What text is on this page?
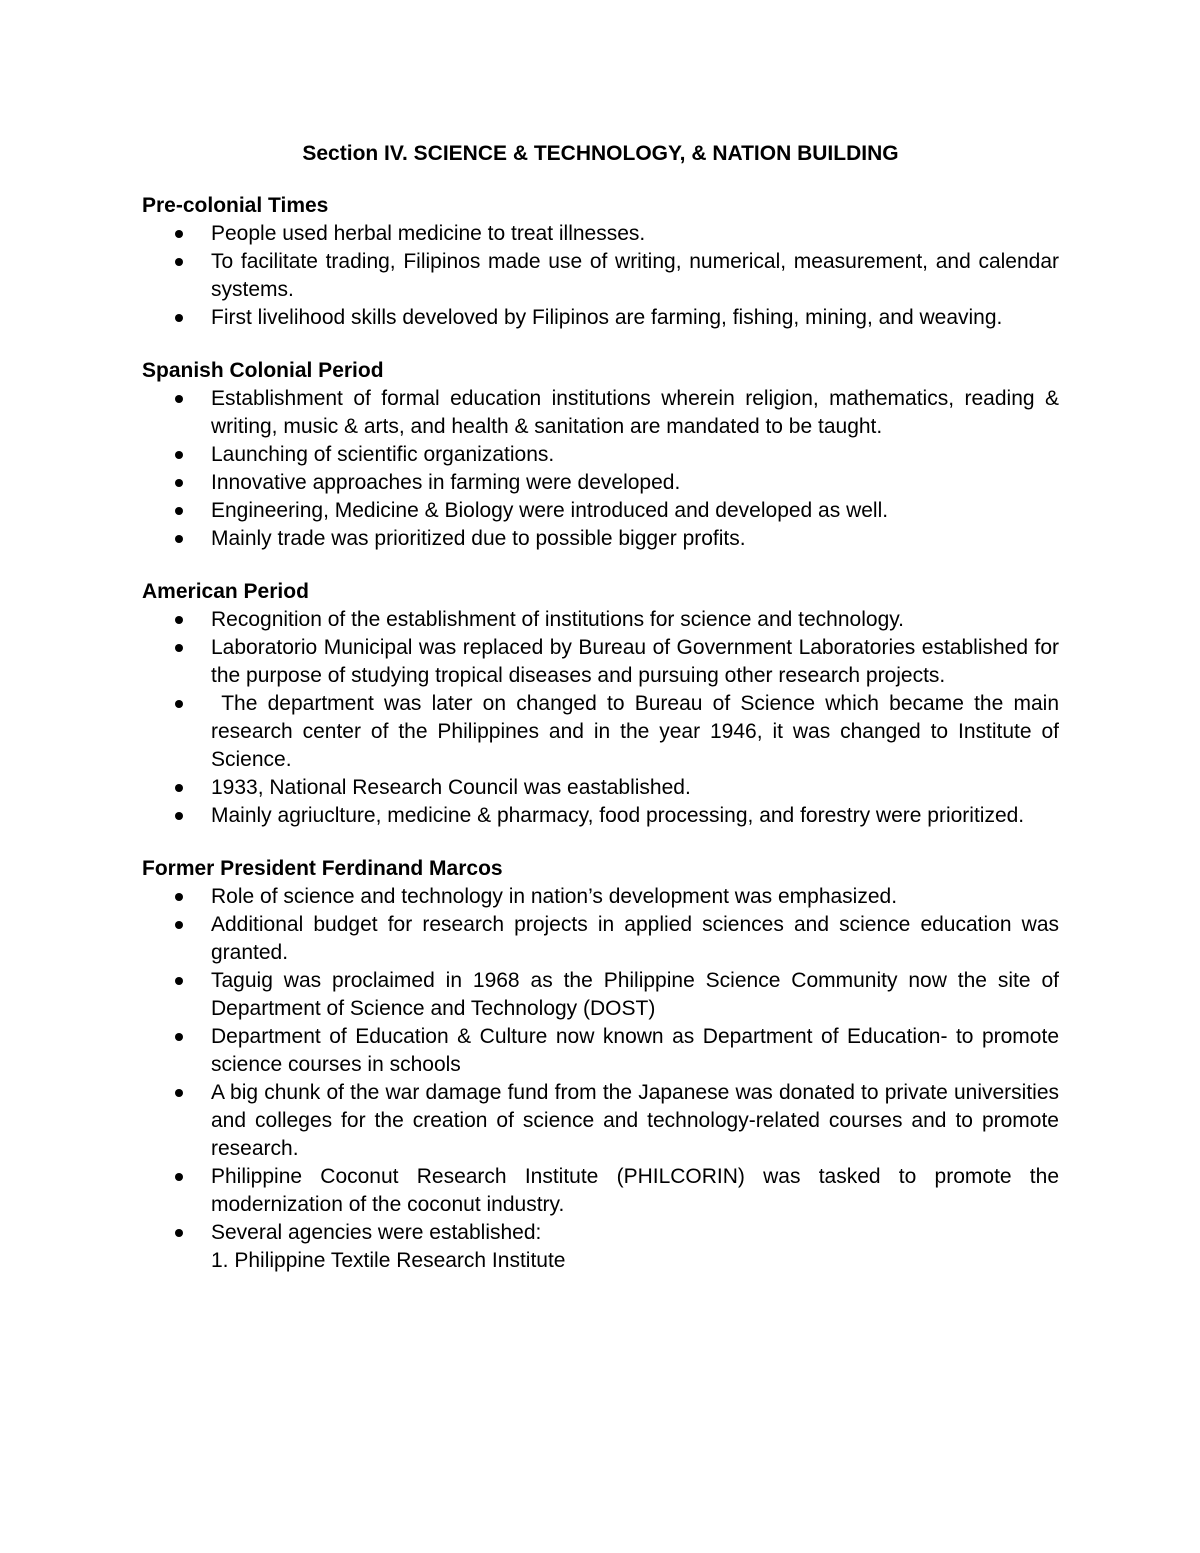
Section IV. SCIENCE & TECHNOLOGY, & NATION BUILDING
Pre-colonial Times
People used herbal medicine to treat illnesses.
To facilitate trading, Filipinos made use of writing, numerical, measurement, and calendar systems.
First livelihood skills develoved by Filipinos are farming, fishing, mining, and weaving.
Spanish Colonial Period
Establishment of formal education institutions wherein religion, mathematics, reading & writing, music & arts, and health & sanitation are mandated to be taught.
Launching of scientific organizations.
Innovative approaches in farming were developed.
Engineering, Medicine & Biology were introduced and developed as well.
Mainly trade was prioritized due to possible bigger profits.
American Period
Recognition of the establishment of institutions for science and technology.
Laboratorio Municipal was replaced by Bureau of Government Laboratories established for the purpose of studying tropical diseases and pursuing other research projects.
The department was later on changed to Bureau of Science which became the main research center of the Philippines and in the year 1946, it was changed to Institute of Science.
1933, National Research Council was eastablished.
Mainly agriuclture, medicine & pharmacy, food processing, and forestry were prioritized.
Former President Ferdinand Marcos
Role of science and technology in nation’s development was emphasized.
Additional budget for research projects in applied sciences and science education was granted.
Taguig was proclaimed in 1968 as the Philippine Science Community now the site of Department of Science and Technology (DOST)
Department of Education & Culture now known as Department of Education- to promote science courses in schools
A big chunk of the war damage fund from the Japanese was donated to private universities and colleges for the creation of science and technology-related courses and to promote research.
Philippine Coconut Research Institute (PHILCORIN) was tasked to promote the modernization of the coconut industry.
Several agencies were established:
1. Philippine Textile Research Institute
